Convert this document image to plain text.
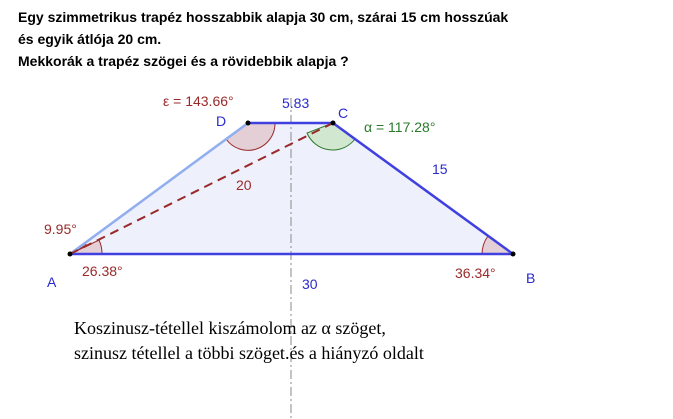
Egy szimmetrikus trapéz hosszabbik alapja 30 cm, szárai 15 cm hosszúak

és egyik átlója 20 cm.

Mekkorák a trapéz szögei és a rövidebbik alapja ?

A	B
C
D
5.83
15
30
20
ε = 143.66°
α = 117.28°
9.95°
26.38°	36.34°

Koszinusz-tétellel kiszámolom az α szöget,

szinusz tétellel a többi szöget.és a hiányzó oldalt
